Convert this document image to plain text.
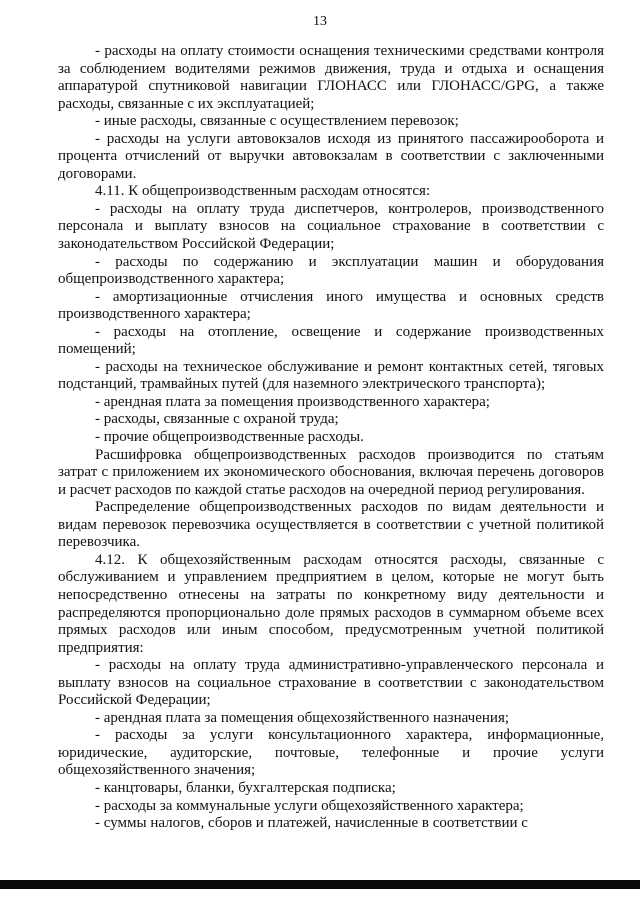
13

- расходы на оплату стоимости оснащения техническими средствами контроля за соблюдением водителями режимов движения, труда и отдыха и оснащения аппаратурой спутниковой навигации ГЛОНАСС или ГЛОНАСС/GPG, а также расходы, связанные с их эксплуатацией;

- иные расходы, связанные с осуществлением перевозок;

- расходы на услуги автовокзалов исходя из принятого пассажирооборота и процента отчислений от выручки автовокзалам в соответствии с заключенными договорами.

4.11. К общепроизводственным расходам относятся:

- расходы на оплату труда диспетчеров, контролеров, производственного персонала и выплату взносов на социальное страхование в соответствии с законодательством Российской Федерации;

- расходы по содержанию и эксплуатации машин и оборудования общепроизводственного характера;

- амортизационные отчисления иного имущества и основных средств производственного характера;

- расходы на отопление, освещение и содержание производственных помещений;

- расходы на техническое обслуживание и ремонт контактных сетей, тяговых подстанций, трамвайных путей (для наземного электрического транспорта);

- арендная плата за помещения производственного характера;

- расходы, связанные с охраной труда;

- прочие общепроизводственные расходы.

Расшифровка общепроизводственных расходов производится по статьям затрат с приложением их экономического обоснования, включая перечень договоров и расчет расходов по каждой статье расходов на очередной период регулирования.

Распределение общепроизводственных расходов по видам деятельности и видам перевозок перевозчика осуществляется в соответствии с учетной политикой перевозчика.

4.12. К общехозяйственным расходам относятся расходы, связанные с обслуживанием и управлением предприятием в целом, которые не могут быть непосредственно отнесены на затраты по конкретному виду деятельности и распределяются пропорционально доле прямых расходов в суммарном объеме всех прямых расходов или иным способом, предусмотренным учетной политикой предприятия:

- расходы на оплату труда административно-управленческого персонала и выплату взносов на социальное страхование в соответствии с законодательством Российской Федерации;

- арендная плата за помещения общехозяйственного назначения;

- расходы за услуги консультационного характера, информационные, юридические, аудиторские, почтовые, телефонные и прочие услуги общехозяйственного значения;

- канцтовары, бланки, бухгалтерская подписка;

- расходы за коммунальные услуги общехозяйственного характера;

- суммы налогов, сборов и платежей, начисленные в соответствии с
